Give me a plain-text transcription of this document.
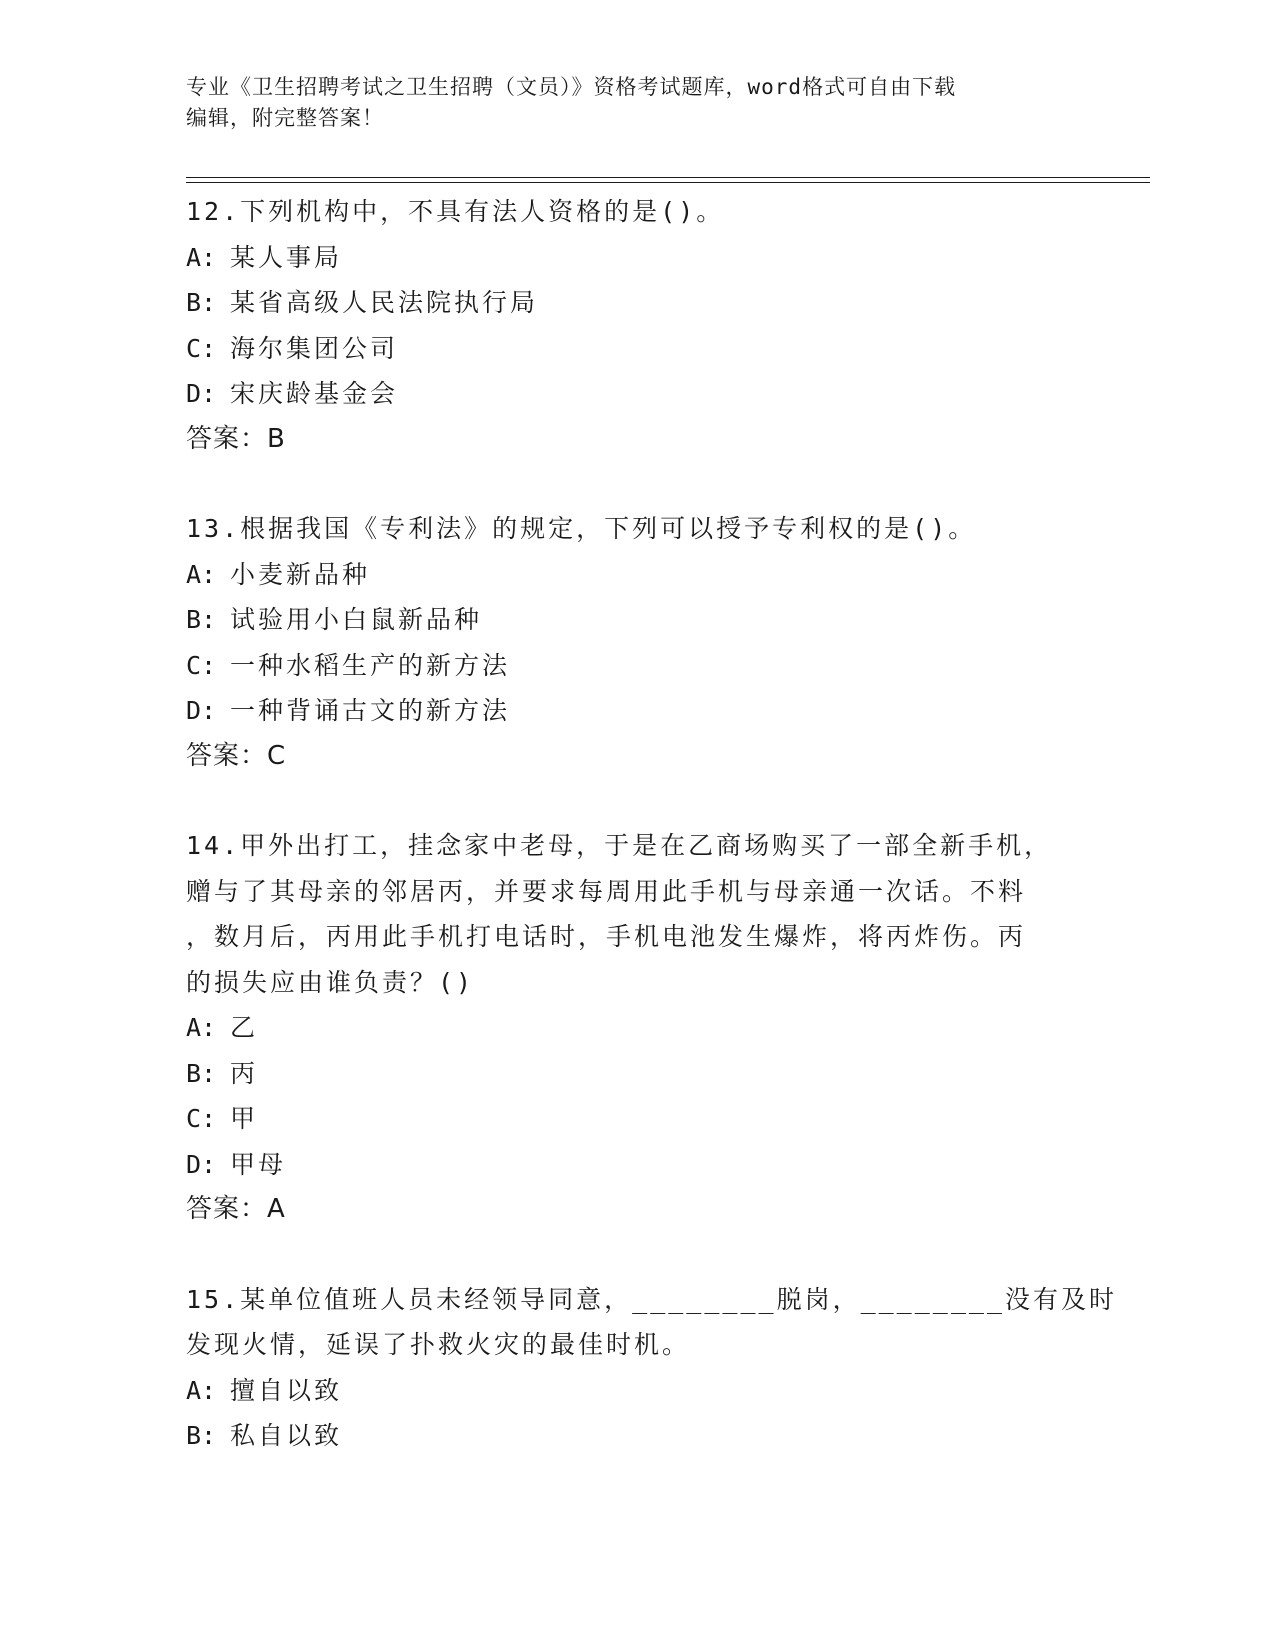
专业《卫生招聘考试之卫生招聘（文员）》资格考试题库，word格式可自由下载
编辑，附完整答案！
12.下列机构中，不具有法人资格的是()。
A: 某人事局
B: 某省高级人民法院执行局
C: 海尔集团公司
D: 宋庆龄基金会
答案：B
13.根据我国《专利法》的规定，下列可以授予专利权的是()。
A: 小麦新品种
B: 试验用小白鼠新品种
C: 一种水稻生产的新方法
D: 一种背诵古文的新方法
答案：C
14.甲外出打工，挂念家中老母，于是在乙商场购买了一部全新手机，
赠与了其母亲的邻居丙，并要求每周用此手机与母亲通一次话。不料
，数月后，丙用此手机打电话时，手机电池发生爆炸，将丙炸伤。丙
的损失应由谁负责？()
A: 乙
B: 丙
C: 甲
D: 甲母
答案：A
15.某单位值班人员未经领导同意，________脱岗，________没有及时
发现火情，延误了扑救火灾的最佳时机。
A: 擅自以致
B: 私自以致
